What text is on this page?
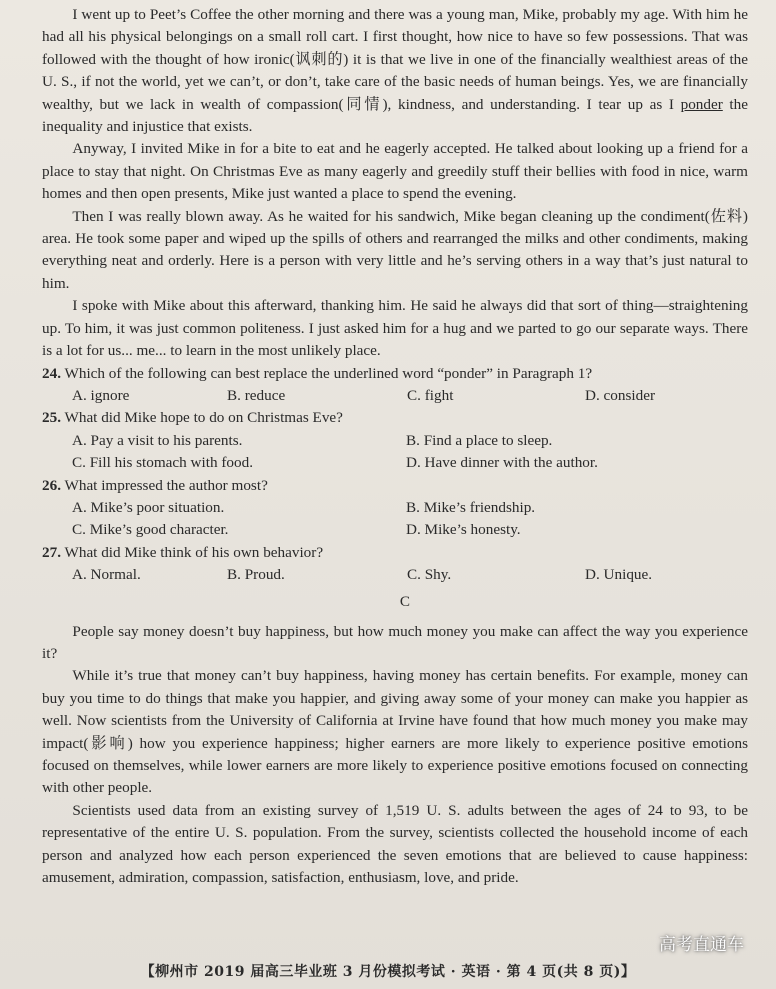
I went up to Peet’s Coffee the other morning and there was a young man, Mike, probably my age. With him he had all his physical belongings on a small roll cart. I first thought, how nice to have so few possessions. That was followed with the thought of how ironic(讽刺的) it is that we live in one of the financially wealthiest areas of the U. S., if not the world, yet we can’t, or don’t, take care of the basic needs of human beings. Yes, we are financially wealthy, but we lack in wealth of compassion(同情), kindness, and understanding. I tear up as I ponder the inequality and injustice that exists.

Anyway, I invited Mike in for a bite to eat and he eagerly accepted. He talked about looking up a friend for a place to stay that night. On Christmas Eve as many eagerly and greedily stuff their bellies with food in nice, warm homes and then open presents, Mike just wanted a place to spend the evening.

Then I was really blown away. As he waited for his sandwich, Mike began cleaning up the condiment(佐料) area. He took some paper and wiped up the spills of others and rearranged the milks and other condiments, making everything neat and orderly. Here is a person with very little and he’s serving others in a way that’s just natural to him.

I spoke with Mike about this afterward, thanking him. He said he always did that sort of thing—straightening up. To him, it was just common politeness. I just asked him for a hug and we parted to go our separate ways. There is a lot for us... me... to learn in the most unlikely place.

24. Which of the following can best replace the underlined word “ponder” in Paragraph 1?

A. ignore	B. reduce	C. fight	D. consider

25. What did Mike hope to do on Christmas Eve?

A. Pay a visit to his parents.	B. Find a place to sleep.
C. Fill his stomach with food.	D. Have dinner with the author.

26. What impressed the author most?

A. Mike’s poor situation.	B. Mike’s friendship.
C. Mike’s good character.	D. Mike’s honesty.

27. What did Mike think of his own behavior?

A. Normal.	B. Proud.	C. Shy.	D. Unique.
C

People say money doesn’t buy happiness, but how much money you make can affect the way you experience it?

While it’s true that money can’t buy happiness, having money has certain benefits. For example, money can buy you time to do things that make you happier, and giving away some of your money can make you happier as well. Now scientists from the University of California at Irvine have found that how much money you make may impact(影响) how you experience happiness; higher earners are more likely to experience positive emotions focused on themselves, while lower earners are more likely to experience positive emotions focused on connecting with other people.

Scientists used data from an existing survey of 1,519 U. S. adults between the ages of 24 to 93, to be representative of the entire U. S. population. From the survey, scientists collected the household income of each person and analyzed how each person experienced the seven emotions that are believed to cause happiness: amusement, admiration, compassion, satisfaction, enthusiasm, love, and pride.

高考直通车
【柳州市 2019 届高三毕业班 3 月份模拟考试 · 英语 · 第 4 页(共 8 页)】
